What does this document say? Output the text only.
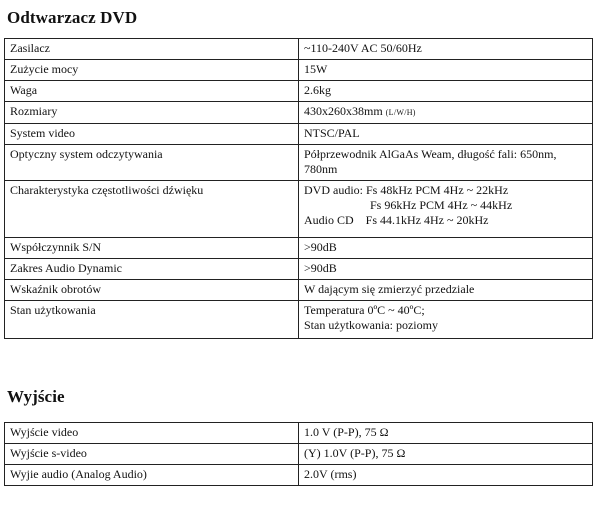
Odtwarzacz DVD
Zasilacz	~110-240V AC 50/60Hz
Zużycie mocy	15W
Waga	2.6kg
Rozmiary	430x260x38mm (L/W/H)
System video	NTSC/PAL
Optyczny system odczytywania	Półprzewodnik AlGaAs Weam, długość fali: 650nm, 780nm
Charakterystyka częstotliwości dźwięku	DVD audio: Fs 48kHz PCM 4Hz ~ 22kHz
Fs 96kHz PCM 4Hz ~ 44kHz
Audio CD Fs 44.1kHz 4Hz ~ 20kHz

Współczynnik S/N	>90dB
Zakres Audio Dynamic	>90dB
Wskaźnik obrotów	W dającym się zmierzyć przedziale
Stan użytkowania	Temperatura 0ºC ~ 40ºC;
Stan użytkowania: poziomy
Wyjście
Wyjście video	1.0 V (P-P), 75 Ω
Wyjście s-video	(Y) 1.0V (P-P), 75 Ω
Wyjie audio (Analog Audio)	2.0V (rms)
